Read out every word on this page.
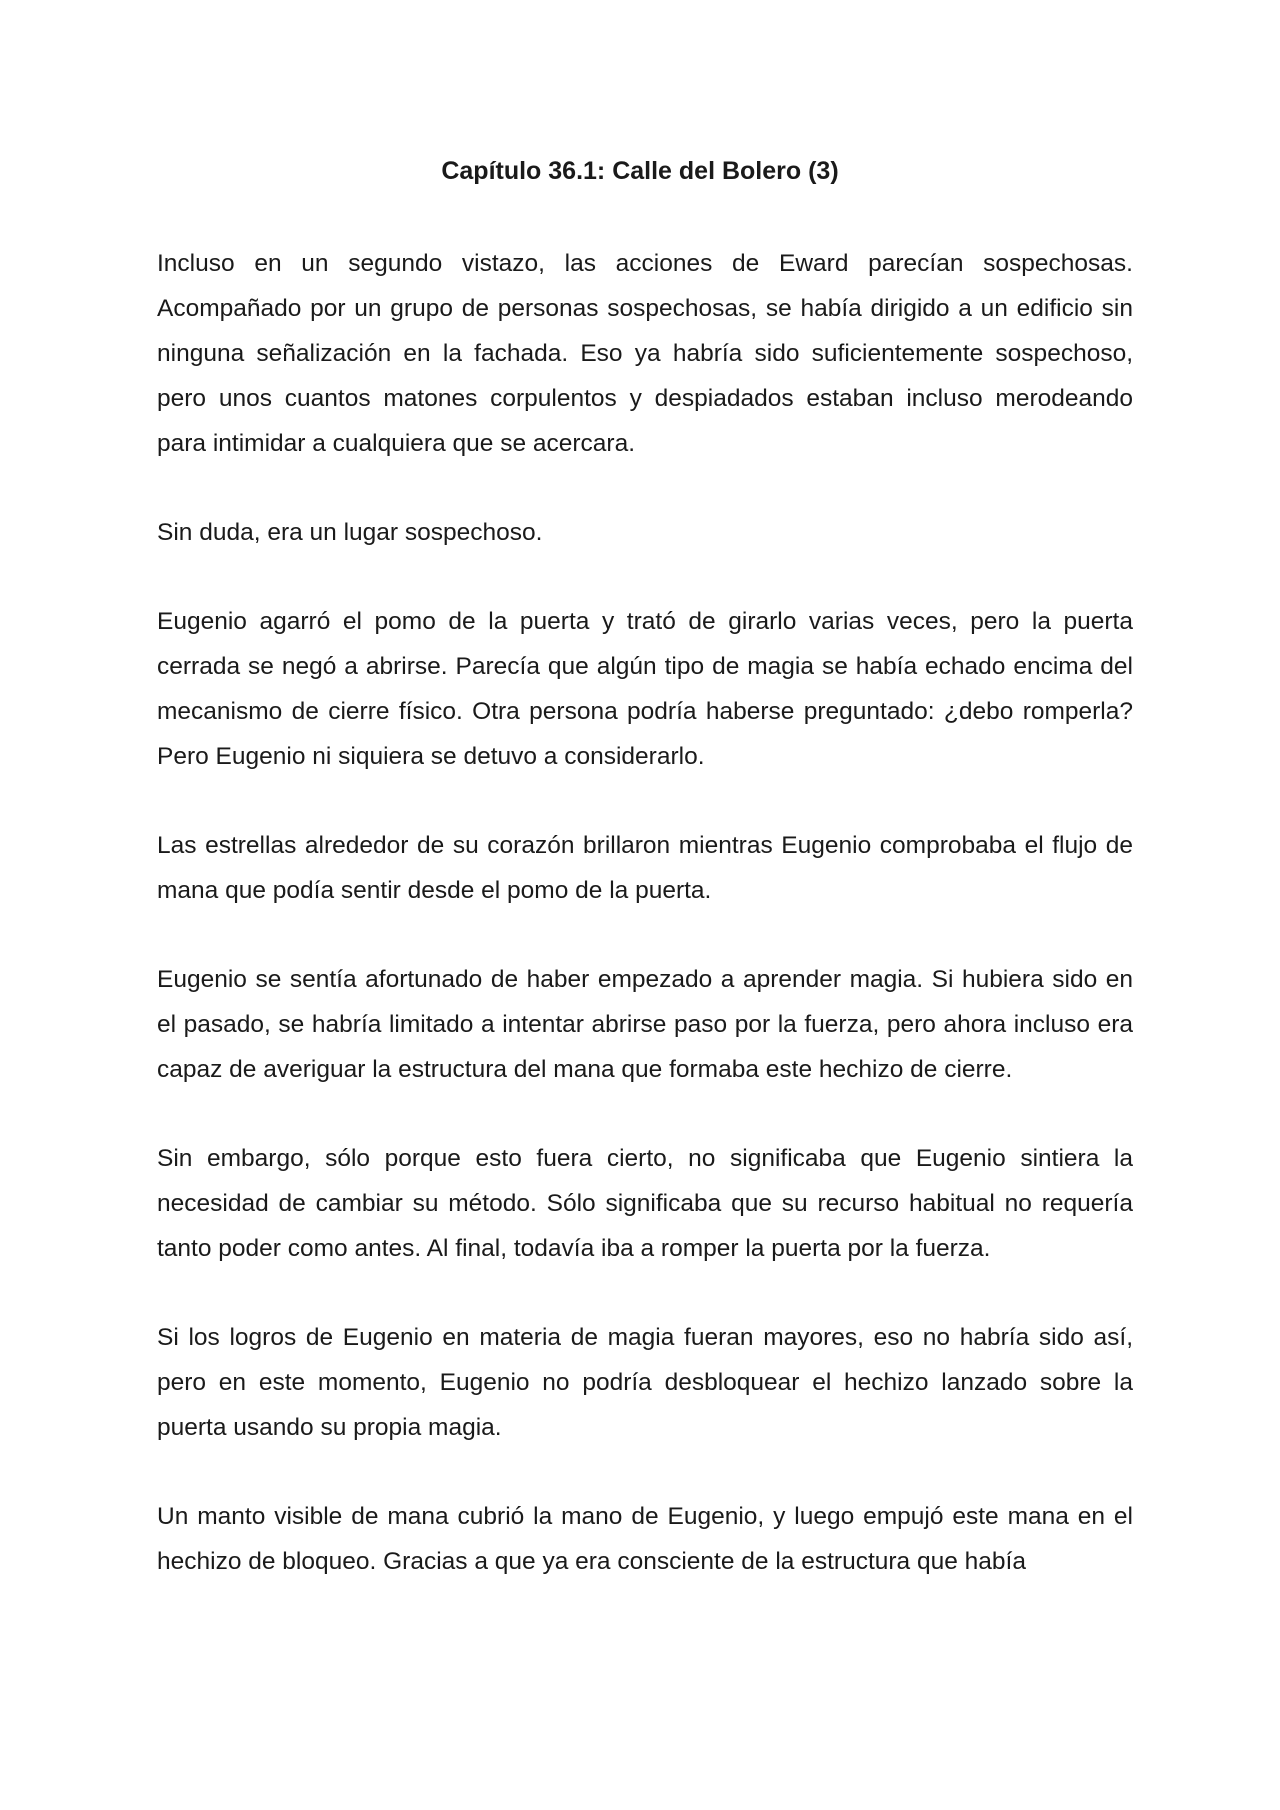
Capítulo 36.1: Calle del Bolero (3)

Incluso en un segundo vistazo, las acciones de Eward parecían sospechosas. Acompañado por un grupo de personas sospechosas, se había dirigido a un edificio sin ninguna señalización en la fachada. Eso ya habría sido suficientemente sospechoso, pero unos cuantos matones corpulentos y despiadados estaban incluso merodeando para intimidar a cualquiera que se acercara.

Sin duda, era un lugar sospechoso.

Eugenio agarró el pomo de la puerta y trató de girarlo varias veces, pero la puerta cerrada se negó a abrirse. Parecía que algún tipo de magia se había echado encima del mecanismo de cierre físico. Otra persona podría haberse preguntado: ¿debo romperla? Pero Eugenio ni siquiera se detuvo a considerarlo.

Las estrellas alrededor de su corazón brillaron mientras Eugenio comprobaba el flujo de mana que podía sentir desde el pomo de la puerta.

Eugenio se sentía afortunado de haber empezado a aprender magia. Si hubiera sido en el pasado, se habría limitado a intentar abrirse paso por la fuerza, pero ahora incluso era capaz de averiguar la estructura del mana que formaba este hechizo de cierre.

Sin embargo, sólo porque esto fuera cierto, no significaba que Eugenio sintiera la necesidad de cambiar su método. Sólo significaba que su recurso habitual no requería tanto poder como antes. Al final, todavía iba a romper la puerta por la fuerza.

Si los logros de Eugenio en materia de magia fueran mayores, eso no habría sido así, pero en este momento, Eugenio no podría desbloquear el hechizo lanzado sobre la puerta usando su propia magia.

Un manto visible de mana cubrió la mano de Eugenio, y luego empujó este mana en el hechizo de bloqueo. Gracias a que ya era consciente de la estructura que había
